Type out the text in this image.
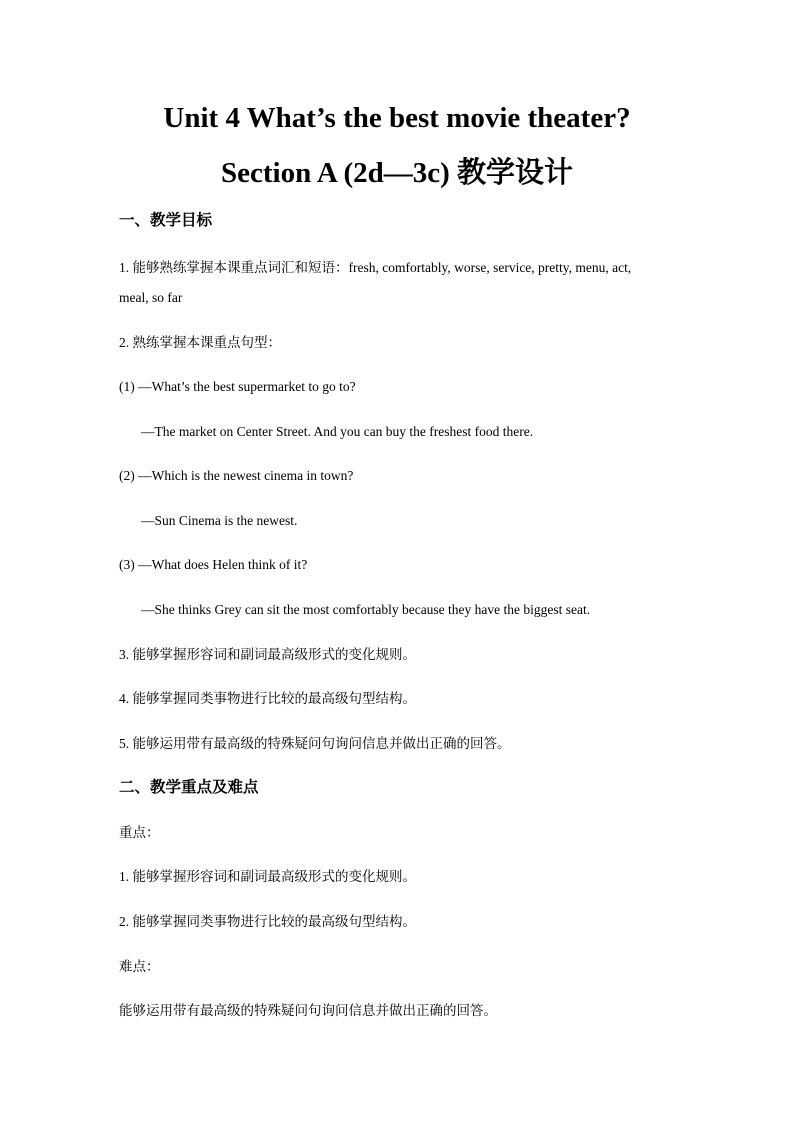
Unit 4 What’s the best movie theater?
Section A (2d—3c) 教学设计
一、教学目标
1. 能够熟练掌握本课重点词汇和短语：fresh, comfortably, worse, service, pretty, menu, act,
meal, so far
2. 熟练掌握本课重点句型：
(1) —What’s the best supermarket to go to?
—The market on Center Street. And you can buy the freshest food there.
(2) —Which is the newest cinema in town?
—Sun Cinema is the newest.
(3) —What does Helen think of it?
—She thinks Grey can sit the most comfortably because they have the biggest seat.
3. 能够掌握形容词和副词最高级形式的变化规则。
4. 能够掌握同类事物进行比较的最高级句型结构。
5. 能够运用带有最高级的特殊疑问句询问信息并做出正确的回答。
二、教学重点及难点
重点：
1. 能够掌握形容词和副词最高级形式的变化规则。
2. 能够掌握同类事物进行比较的最高级句型结构。
难点：
能够运用带有最高级的特殊疑问句询问信息并做出正确的回答。
